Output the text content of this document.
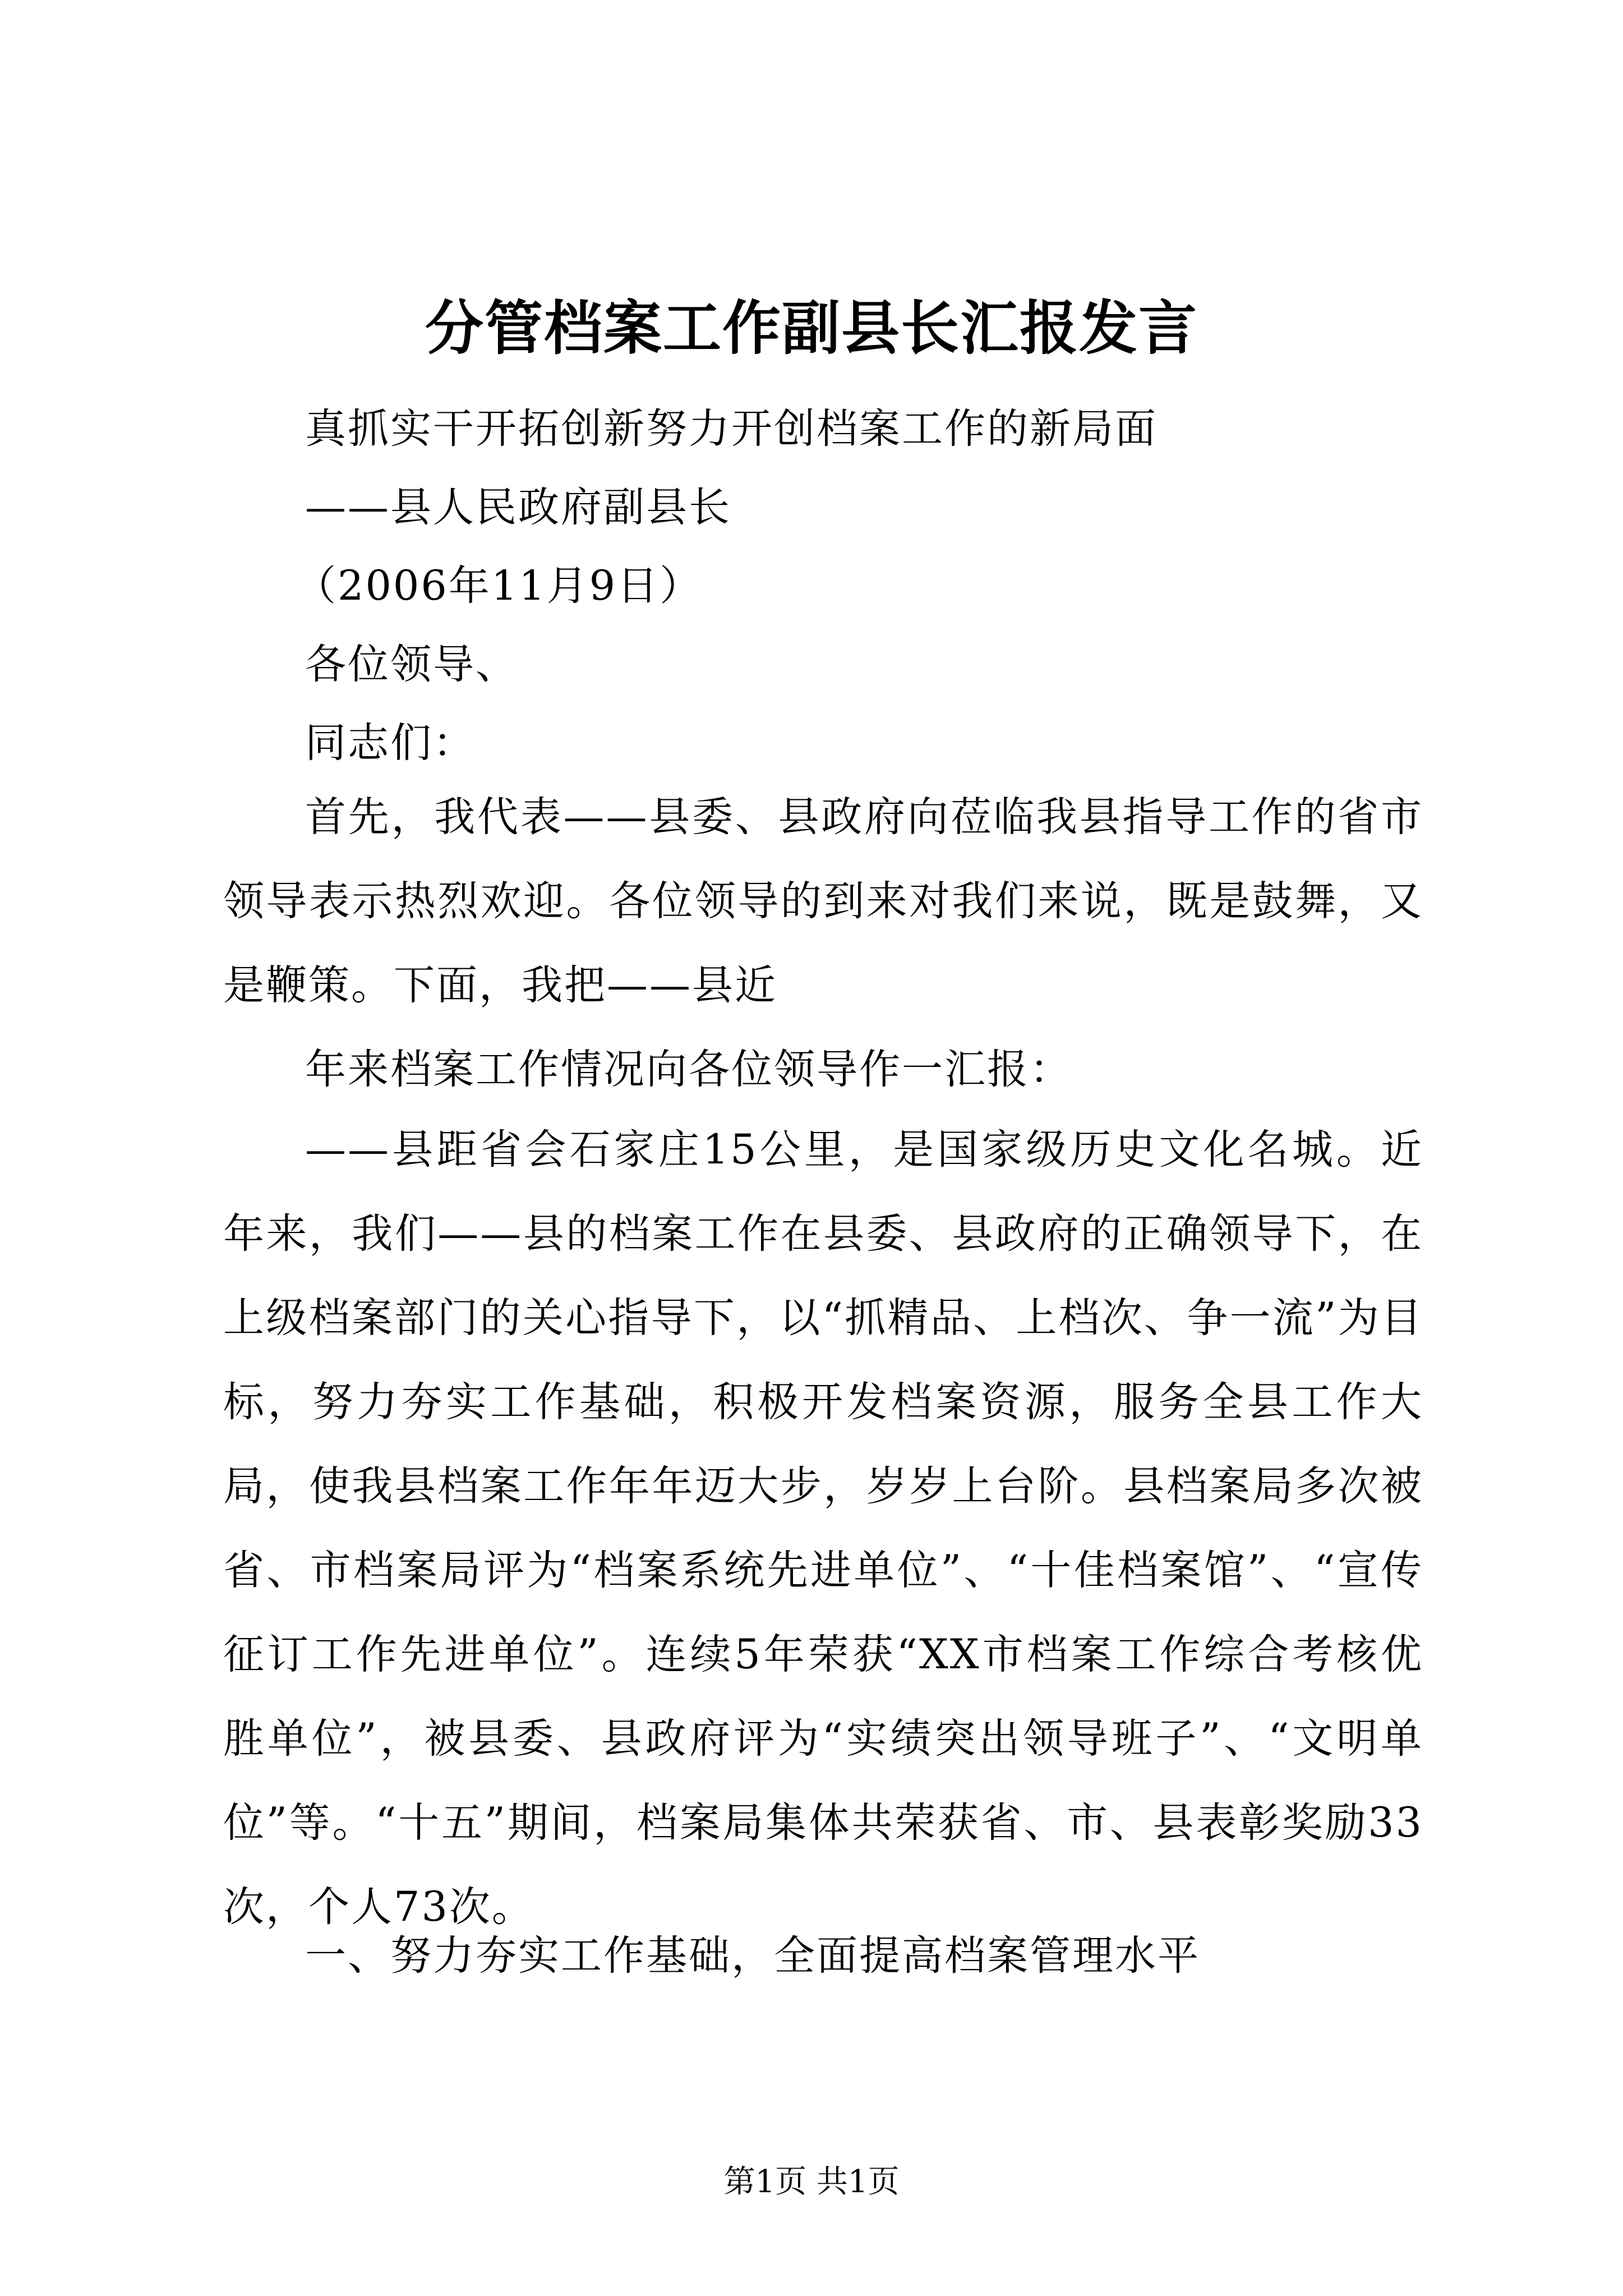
分管档案工作副县长汇报发言
真抓实干开拓创新努力开创档案工作的新局面
——县人民政府副县长
（2006年11月9日）
各位领导、
同志们：
首先，我代表——县委、县政府向莅临我县指导工作的省市领导表示热烈欢迎。各位领导的到来对我们来说，既是鼓舞，又是鞭策。下面，我把——县近
年来档案工作情况向各位领导作一汇报：
——县距省会石家庄15公里，是国家级历史文化名城。近年来，我们——县的档案工作在县委、县政府的正确领导下，在上级档案部门的关心指导下，以“抓精品、上档次、争一流”为目标，努力夯实工作基础，积极开发档案资源，服务全县工作大局，使我县档案工作年年迈大步，岁岁上台阶。县档案局多次被省、市档案局评为“档案系统先进单位”、“十佳档案馆”、“宣传征订工作先进单位”。连续5年荣获“XX市档案工作综合考核优胜单位”，被县委、县政府评为“实绩突出领导班子”、“文明单位”等。“十五”期间，档案局集体共荣获省、市、县表彰奖励33次，个人73次。
一、努力夯实工作基础，全面提高档案管理水平
第1页 共1页
